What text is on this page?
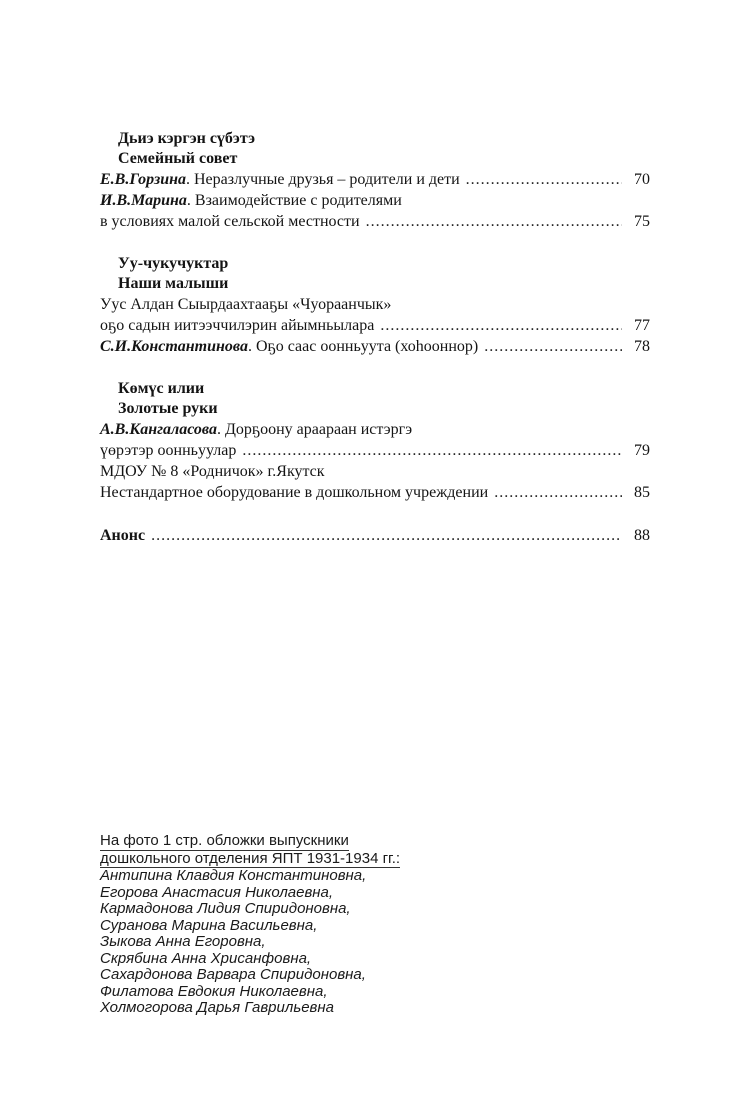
Дьиэ кэргэн сүбэтэ
Семейный совет
Е.В.Горзина. Неразлучные друзья – родители и дети .....	70
И.В.Марина. Взаимодействие с родителями
в условиях малой сельской местности .....	75
Уу-чукучуктар
Наши малыши
Уус Алдан Сыырдаахтааҕы «Чуораанчык»
оҕо садын иитээччилэрин айымньылара .....	77
С.И.Константинова. Оҕо саас оонньуута (хоһооннор) .....	78
Көмүс илии
Золотые руки
А.В.Кангаласова. Дорҕоону араараан истэргэ
үөрэтэр оонньуулар .....	79
МДОУ № 8 «Родничок» г.Якутск
Нестандартное оборудование в дошкольном учреждении .....	85
Анонс .....	88
На фото 1 стр. обложки выпускники
дошкольного отделения ЯПТ 1931-1934 гг.:
Антипина Клавдия Константиновна,
Егорова Анастасия Николаевна,
Кармадонова Лидия Спиридоновна,
Суранова Марина Васильевна,
Зыкова Анна Егоровна,
Скрябина Анна Хрисанфовна,
Сахардонова Варвара Спиридоновна,
Филатова Евдокия Николаевна,
Холмогорова Дарья Гаврильевна
